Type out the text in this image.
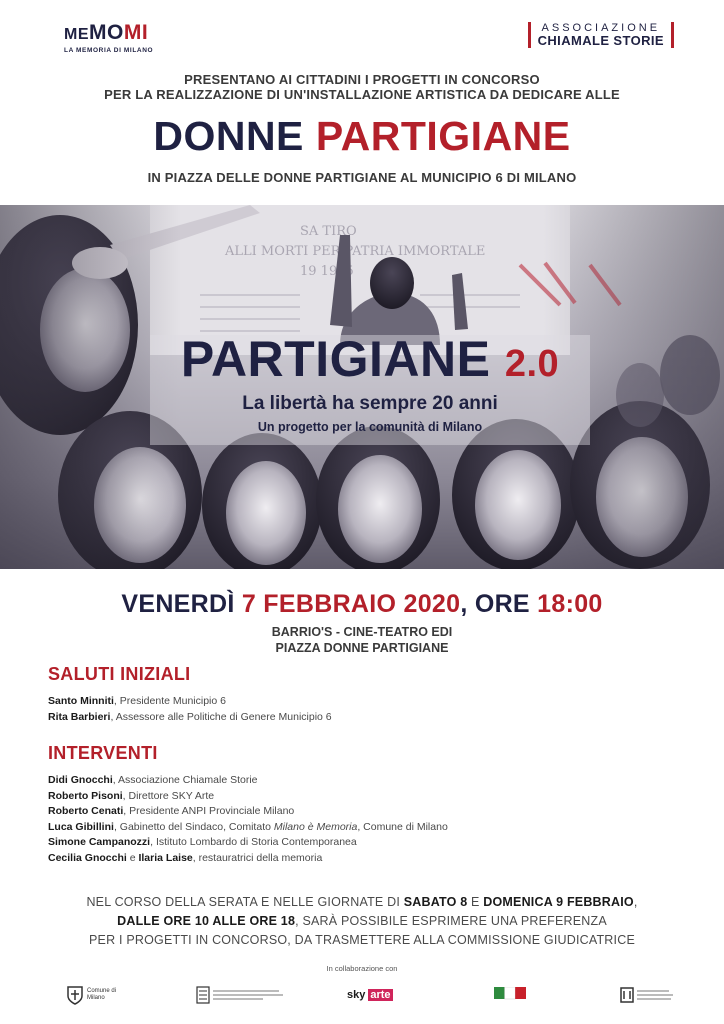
MEMOMI
LA MEMORIA DI MILANO
ASSOCIAZIONE
CHIAMALE STORIE
PRESENTANO AI CITTADINI I PROGETTI IN CONCORSO
PER LA REALIZZAZIONE DI UN'INSTALLAZIONE ARTISTICA DA DEDICARE ALLE
DONNE PARTIGIANE
IN PIAZZA DELLE DONNE PARTIGIANE AL MUNICIPIO 6 DI MILANO
PARTIGIANE 2.0
La libertà ha sempre 20 anni
Un progetto per la comunità di Milano
VENERDÌ 7 FEBBRAIO 2020, ORE 18:00
BARRIO'S - CINE-TEATRO EDI
PIAZZA DONNE PARTIGIANE
SALUTI INIZIALI
Santo Minniti, Presidente Municipio 6
Rita Barbieri, Assessore alle Politiche di Genere Municipio 6
INTERVENTI
Didi Gnocchi, Associazione Chiamale Storie
Roberto Pisoni, Direttore SKY Arte
Roberto Cenati, Presidente ANPI Provinciale Milano
Luca Gibillini, Gabinetto del Sindaco, Comitato Milano è Memoria, Comune di Milano
Simone Campanozzi, Istituto Lombardo di Storia Contemporanea
Cecilia Gnocchi e Ilaria Laise, restauratrici della memoria
NEL CORSO DELLA SERATA E NELLE GIORNATE DI SABATO 8 E DOMENICA 9 FEBBRAIO,
DALLE ORE 10 ALLE ORE 18, SARÀ POSSIBILE ESPRIMERE UNA PREFERENZA
PER I PROGETTI IN CONCORSO, DA TRASMETTERE ALLA COMMISSIONE GIUDICATRICE
In collaborazione con
Comune di Milano	sky arte
